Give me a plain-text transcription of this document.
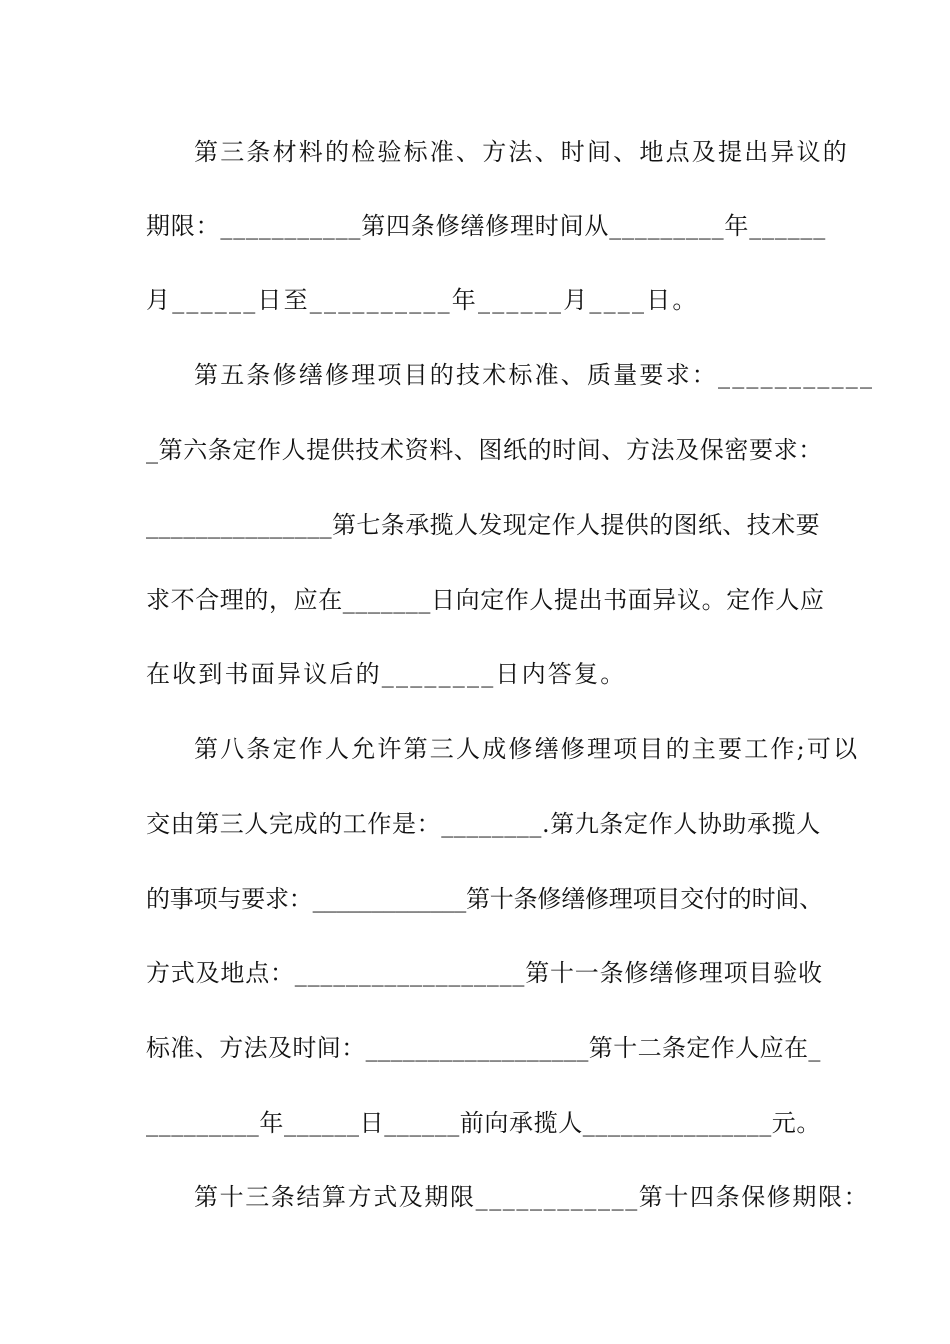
第三条材料的检验标准、方法、时间、地点及提出异议的
期限：___________第四条修缮修理时间从_________年______
月______日至__________年______月____日。
第五条修缮修理项目的技术标准、质量要求：___________
_第六条定作人提供技术资料、图纸的时间、方法及保密要求：
_______________第七条承揽人发现定作人提供的图纸、技术要
求不合理的，应在_______日向定作人提出书面异议。定作人应
在收到书面异议后的________日内答复。
第八条定作人允许第三人成修缮修理项目的主要工作;可以
交由第三人完成的工作是：________.第九条定作人协助承揽人
的事项与要求：_____________第十条修缮修理项目交付的时间、
方式及地点：__________________第十一条修缮修理项目验收
标准、方法及时间：__________________第十二条定作人应在_
_________年______日______前向承揽人_______________元。
第十三条结算方式及期限____________第十四条保修期限：
